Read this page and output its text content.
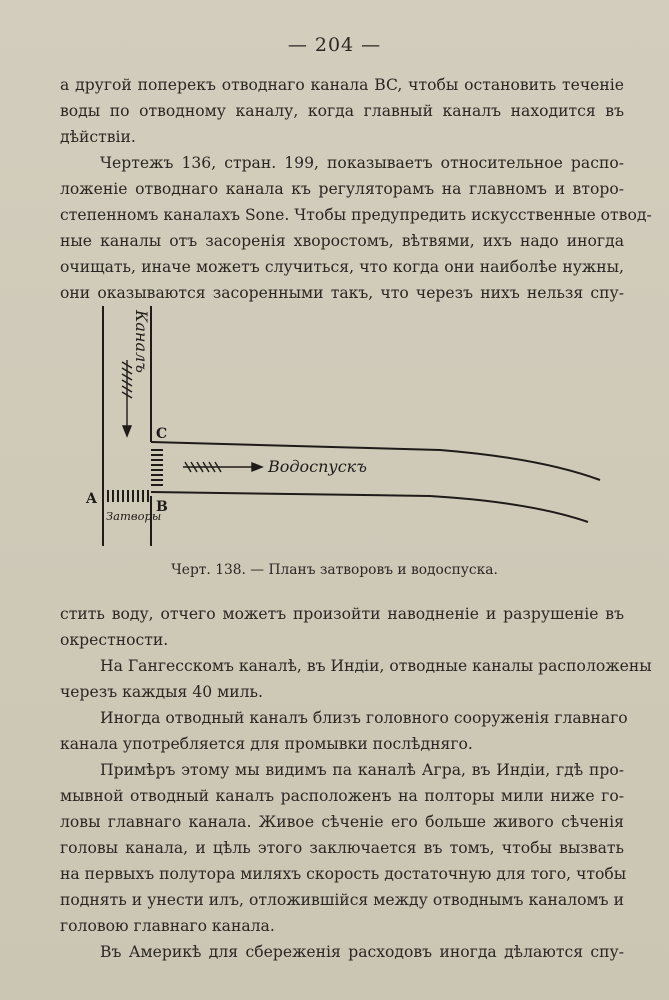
— 204 —
а другой поперекъ отводнаго канала BC, чтобы остановить теченіе
воды по отводному каналу, когда главный каналъ находится въ
дѣйствіи.
Чертежъ 136, стран. 199, показываетъ относительное распо-
ложеніе отводнаго канала къ регуляторамъ на главномъ и второ-
степенномъ каналахъ Sone. Чтобы предупредить искусственные отвод-
ные каналы отъ засоренія хворостомъ, вѣтвями, ихъ надо иногда
очищать, иначе можетъ случиться, что когда они наиболѣе нужны,
они оказываются засоренными такъ, что черезъ нихъ нельзя спу-
Каналъ
Водоспускъ
Затворы
A	B
C
Черт. 138. — Планъ затворовъ и водоспуска.
стить воду, отчего можетъ произойти наводненіе и разрушеніе въ
окрестности.
На Гангесскомъ каналѣ, въ Индіи, отводные каналы расположены
черезъ каждыя 40 миль.
Иногда отводный каналъ близъ головного сооруженія главнаго
канала употребляется для промывки послѣдняго.
Примѣръ этому мы видимъ па каналѣ Агра, въ Индіи, гдѣ про-
мывной отводный каналъ расположенъ на полторы мили ниже го-
ловы главнаго канала. Живое сѣченіе его больше живого сѣченія
головы канала, и цѣль этого заключается въ томъ, чтобы вызвать
на первыхъ полутора миляхъ скорость достаточную для того, чтобы
поднять и унести илъ, отложившійся между отводнымъ каналомъ и
головою главнаго канала.
Въ Америкѣ для сбереженія расходовъ иногда дѣлаются спу-
